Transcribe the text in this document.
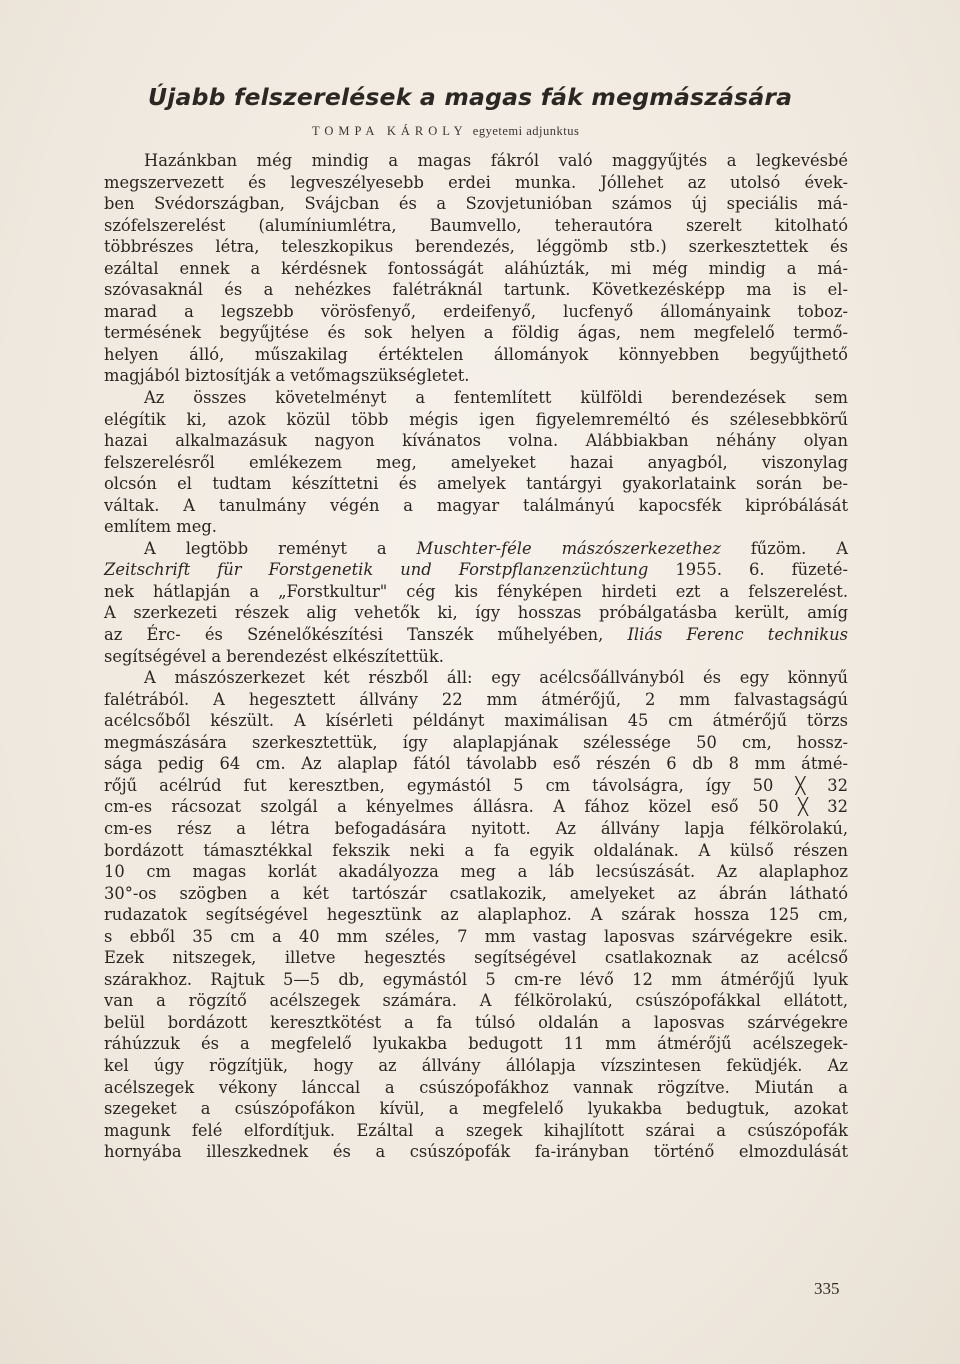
Újabb felszerelések a magas fák megmászására
TOMPA KÁROLY egyetemi adjunktus
Hazánkban még mindig a magas fákról való maggyűjtés a legkevésbé
megszervezett és legveszélyesebb erdei munka. Jóllehet az utolsó évek-
ben Svédországban, Svájcban és a Szovjetunióban számos új speciális má-
szófelszerelést (alumíniumlétra, Baumvello, teherautóra szerelt kitolható
többrészes létra, teleszkopikus berendezés, léggömb stb.) szerkesztettek és
ezáltal ennek a kérdésnek fontosságát aláhúzták, mi még mindig a má-
szóvasaknál és a nehézkes falétráknál tartunk. Következésképp ma is el-
marad a legszebb vörösfenyő, erdeifenyő, lucfenyő állományaink toboz-
termésének begyűjtése és sok helyen a földig ágas, nem megfelelő termő-
helyen álló, műszakilag értéktelen állományok könnyebben begyűjthető
magjából biztosítják a vetőmagszükségletet.
Az összes követelményt a fentemlített külföldi berendezések sem
elégítik ki, azok közül több mégis igen figyelemreméltó és szélesebbkörű
hazai alkalmazásuk nagyon kívánatos volna. Alábbiakban néhány olyan
felszerelésről emlékezem meg, amelyeket hazai anyagból, viszonylag
olcsón el tudtam készíttetni és amelyek tantárgyi gyakorlataink során be-
váltak. A tanulmány végén a magyar találmányú kapocsfék kipróbálását
említem meg.
A legtöbb reményt a Muschter-féle mászószerkezethez fűzöm. A
Zeitschrift für Forstgenetik und Forstpflanzenzüchtung 1955. 6. füzeté-
nek hátlapján a „Forstkultur" cég kis fényképen hirdeti ezt a felszerelést.
A szerkezeti részek alig vehetők ki, így hosszas próbálgatásba került, amíg
az Érc- és Szénelőkészítési Tanszék műhelyében, Iliás Ferenc technikus
segítségével a berendezést elkészítettük.
A mászószerkezet két részből áll: egy acélcsőállványból és egy könnyű
falétrából. A hegesztett állvány 22 mm átmérőjű, 2 mm falvastagságú
acélcsőből készült. A kísérleti példányt maximálisan 45 cm átmérőjű törzs
megmászására szerkesztettük, így alaplapjának szélessége 50 cm, hossz-
sága pedig 64 cm. Az alaplap fától távolabb eső részén 6 db 8 mm átmé-
rőjű acélrúd fut keresztben, egymástól 5 cm távolságra, így 50 ╳ 32
cm-es rácsozat szolgál a kényelmes állásra. A fához közel eső 50 ╳ 32
cm-es rész a létra befogadására nyitott. Az állvány lapja félkörolakú,
bordázott támasztékkal fekszik neki a fa egyik oldalának. A külső részen
10 cm magas korlát akadályozza meg a láb lecsúszását. Az alaplaphoz
30°-os szögben a két tartószár csatlakozik, amelyeket az ábrán látható
rudazatok segítségével hegesztünk az alaplaphoz. A szárak hossza 125 cm,
s ebből 35 cm a 40 mm széles, 7 mm vastag laposvas szárvégekre esik.
Ezek nitszegek, illetve hegesztés segítségével csatlakoznak az acélcső
szárakhoz. Rajtuk 5—5 db, egymástól 5 cm-re lévő 12 mm átmérőjű lyuk
van a rögzítő acélszegek számára. A félkörolakú, csúszópofákkal ellátott,
belül bordázott keresztkötést a fa túlsó oldalán a laposvas szárvégekre
ráhúzzuk és a megfelelő lyukakba bedugott 11 mm átmérőjű acélszegek-
kel úgy rögzítjük, hogy az állvány állólapja vízszintesen feküdjék. Az
acélszegek vékony lánccal a csúszópofákhoz vannak rögzítve. Miután a
szegeket a csúszópofákon kívül, a megfelelő lyukakba bedugtuk, azokat
magunk felé elfordítjuk. Ezáltal a szegek kihajlított szárai a csúszópofák
hornyába illeszkednek és a csúszópofák fa-irányban történő elmozdulását
335
